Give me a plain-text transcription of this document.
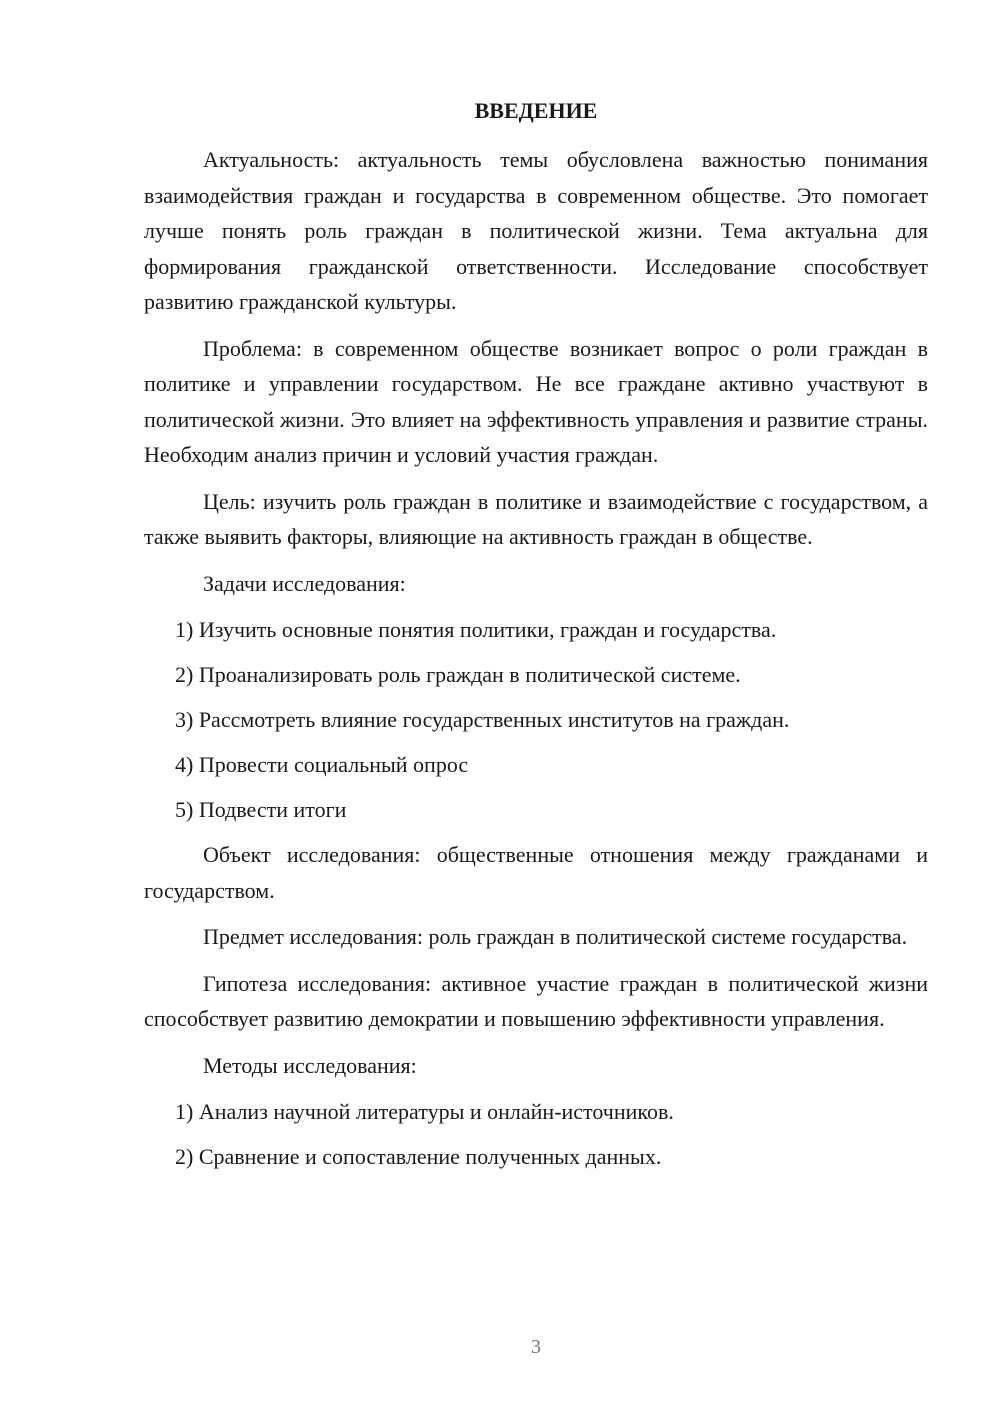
ВВЕДЕНИЕ

Актуальность: актуальность темы обусловлена важностью понимания взаимодействия граждан и государства в современном обществе. Это помогает лучше понять роль граждан в политической жизни. Тема актуальна для формирования гражданской ответственности. Исследование способствует развитию гражданской культуры.

Проблема: в современном обществе возникает вопрос о роли граждан в политике и управлении государством. Не все граждане активно участвуют в политической жизни. Это влияет на эффективность управления и развитие страны. Необходим анализ причин и условий участия граждан.

Цель: изучить роль граждан в политике и взаимодействие с государством, а также выявить факторы, влияющие на активность граждан в обществе.

Задачи исследования:

1) Изучить основные понятия политики, граждан и государства.

2) Проанализировать роль граждан в политической системе.

3) Рассмотреть влияние государственных институтов на граждан.

4) Провести социальный опрос

5) Подвести итоги

Объект исследования: общественные отношения между гражданами и государством.

Предмет исследования: роль граждан в политической системе государства.

Гипотеза исследования: активное участие граждан в политической жизни способствует развитию демократии и повышению эффективности управления.

Методы исследования:

1) Анализ научной литературы и онлайн-источников.

2) Сравнение и сопоставление полученных данных.

3
